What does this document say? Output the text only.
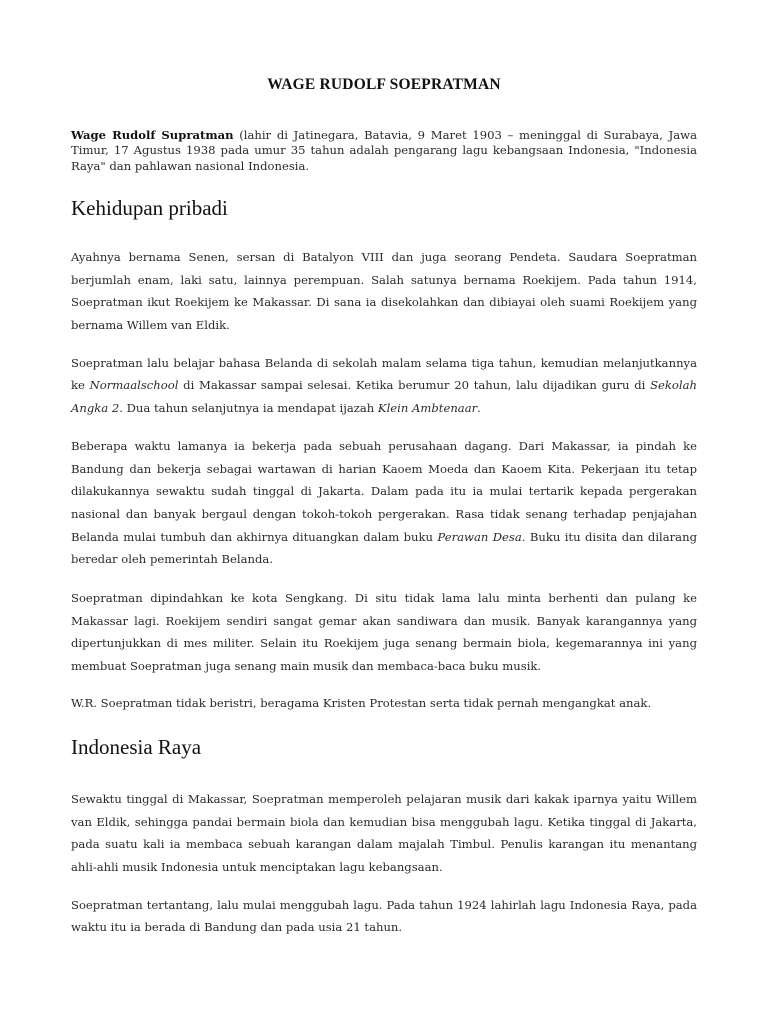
WAGE RUDOLF SOEPRATMAN

Wage Rudolf Supratman (lahir di Jatinegara, Batavia, 9 Maret 1903 – meninggal di Surabaya, Jawa Timur, 17 Agustus 1938 pada umur 35 tahun adalah pengarang lagu kebangsaan Indonesia, "Indonesia Raya" dan pahlawan nasional Indonesia.

Kehidupan pribadi

Ayahnya bernama Senen, sersan di Batalyon VIII dan juga seorang Pendeta. Saudara Soepratman berjumlah enam, laki satu, lainnya perempuan. Salah satunya bernama Roekijem. Pada tahun 1914, Soepratman ikut Roekijem ke Makassar. Di sana ia disekolahkan dan dibiayai oleh suami Roekijem yang bernama Willem van Eldik.

Soepratman lalu belajar bahasa Belanda di sekolah malam selama tiga tahun, kemudian melanjutkannya ke Normaalschool di Makassar sampai selesai. Ketika berumur 20 tahun, lalu dijadikan guru di Sekolah Angka 2. Dua tahun selanjutnya ia mendapat ijazah Klein Ambtenaar.

Beberapa waktu lamanya ia bekerja pada sebuah perusahaan dagang. Dari Makassar, ia pindah ke Bandung dan bekerja sebagai wartawan di harian Kaoem Moeda dan Kaoem Kita. Pekerjaan itu tetap dilakukannya sewaktu sudah tinggal di Jakarta. Dalam pada itu ia mulai tertarik kepada pergerakan nasional dan banyak bergaul dengan tokoh-tokoh pergerakan. Rasa tidak senang terhadap penjajahan Belanda mulai tumbuh dan akhirnya dituangkan dalam buku Perawan Desa. Buku itu disita dan dilarang beredar oleh pemerintah Belanda.

Soepratman dipindahkan ke kota Sengkang. Di situ tidak lama lalu minta berhenti dan pulang ke Makassar lagi. Roekijem sendiri sangat gemar akan sandiwara dan musik. Banyak karangannya yang dipertunjukkan di mes militer. Selain itu Roekijem juga senang bermain biola, kegemarannya ini yang membuat Soepratman juga senang main musik dan membaca-baca buku musik.

W.R. Soepratman tidak beristri, beragama Kristen Protestan serta tidak pernah mengangkat anak.

Indonesia Raya

Sewaktu tinggal di Makassar, Soepratman memperoleh pelajaran musik dari kakak iparnya yaitu Willem van Eldik, sehingga pandai bermain biola dan kemudian bisa menggubah lagu. Ketika tinggal di Jakarta, pada suatu kali ia membaca sebuah karangan dalam majalah Timbul. Penulis karangan itu menantang ahli-ahli musik Indonesia untuk menciptakan lagu kebangsaan.

Soepratman tertantang, lalu mulai menggubah lagu. Pada tahun 1924 lahirlah lagu Indonesia Raya, pada waktu itu ia berada di Bandung dan pada usia 21 tahun.
